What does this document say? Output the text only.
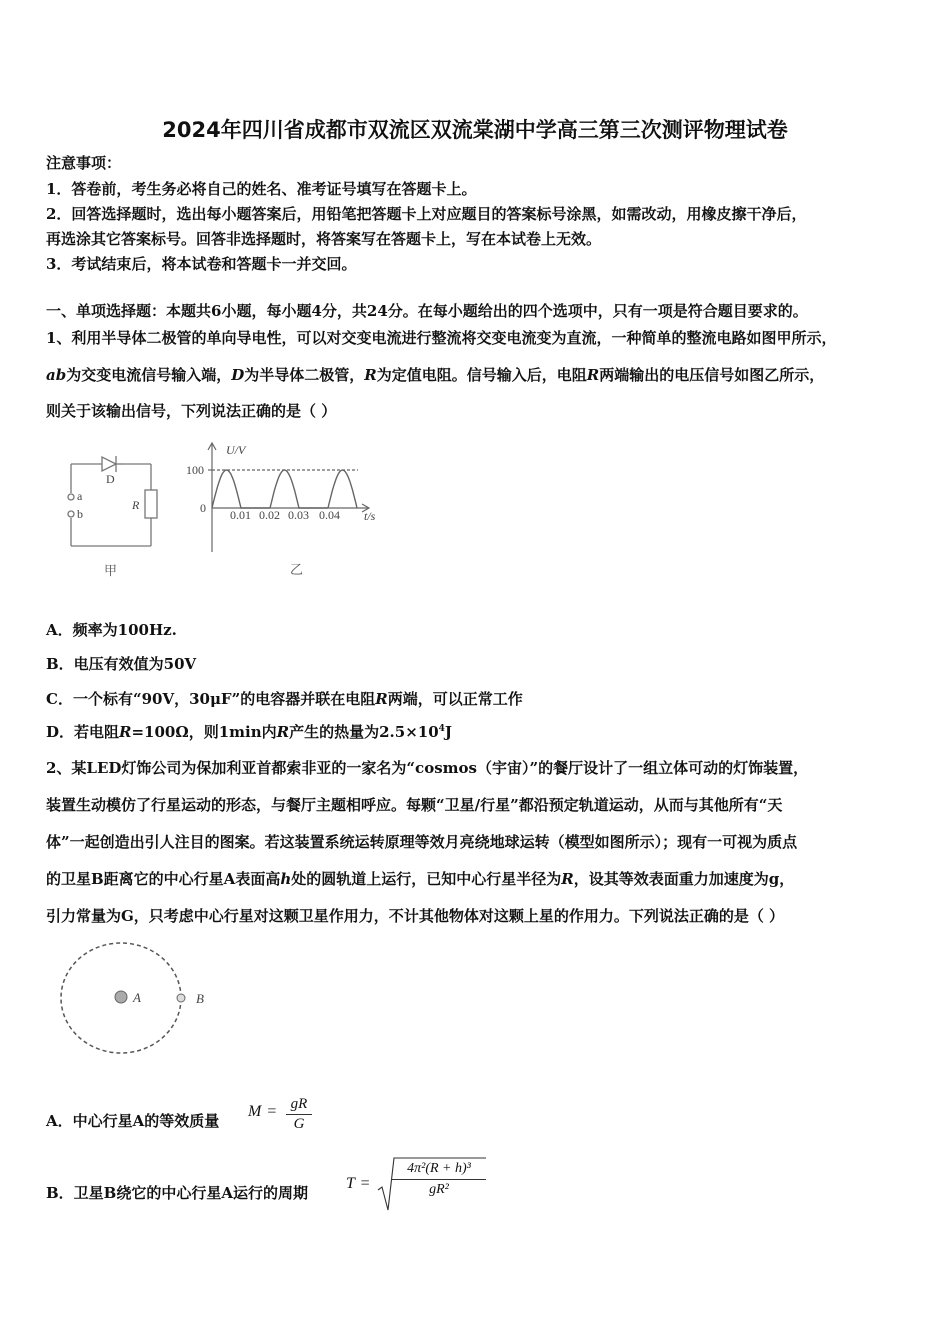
2024年四川省成都市双流区双流棠湖中学高三第三次测评物理试卷
注意事项：
1．答卷前，考生务必将自己的姓名、准考证号填写在答题卡上。
2．回答选择题时，选出每小题答案后，用铅笔把答题卡上对应题目的答案标号涂黑，如需改动，用橡皮擦干净后，
再选涂其它答案标号。回答非选择题时，将答案写在答题卡上，写在本试卷上无效。
3．考试结束后，将本试卷和答题卡一并交回。
一、单项选择题：本题共6小题，每小题4分，共24分。在每小题给出的四个选项中，只有一项是符合题目要求的。
1、利用半导体二极管的单向导电性，可以对交变电流进行整流将交变电流变为直流，一种简单的整流电路如图甲所示，
ab为交变电流信号输入端，D为半导体二极管，R为定值电阻。信号输入后，电阻R两端输出的电压信号如图乙所示，
则关于该输出信号，下列说法正确的是（ ）
D
a
b
R
甲
U/V
100
0 0.01 0.02 0.03 0.04 t/s
乙
A．频率为100Hz.
B．电压有效值为50V
C．一个标有“90V，30μF”的电容器并联在电阻R两端，可以正常工作
D．若电阻R=100Ω，则1min内R产生的热量为$2.5\times 10^4J$
2、某LED灯饰公司为保加利亚首都索非亚的一家名为“cosmos（宇宙）”的餐厅设计了一组立体可动的灯饰装置，
装置生动模仿了行星运动的形态，与餐厅主题相呼应。每颗“卫星/行星”都沿预定轨道运动，从而与其他所有“天
体”一起创造出引人注目的图案。若这装置系统运转原理等效月亮绕地球运转（模型如图所示）；现有一可视为质点
的卫星B距离它的中心行星A表面高h处的圆轨道上运行，已知中心行星半径为R，设其等效表面重力加速度为g，
引力常量为G，只考虑中心行星对这颗卫星作用力，不计其他物体对这颗上星的作用力。下列说法正确的是（ ）
A	B
A．中心行星A的等效质量
$M = \frac{gR}{G}$
B．卫星B绕它的中心行星A运行的周期
$T = \frac{\text{4π²(R + h)³}}{\text{gR²}}$
